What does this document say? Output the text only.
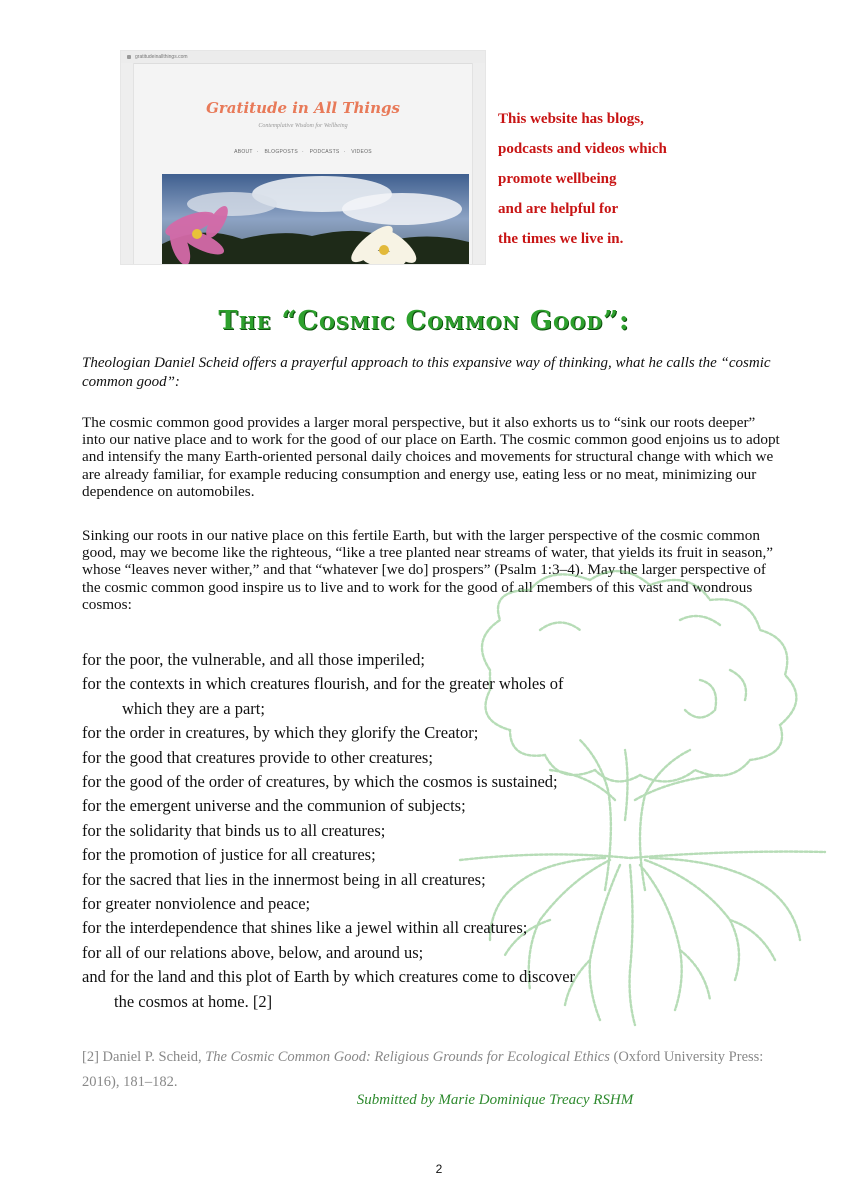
gratitudeinallthings.com
Gratitude in All Things
Contemplative Wisdom for Wellbeing
ABOUT · BLOGPOSTS · PODCASTS · VIDEOS
This website has blogs,
podcasts and videos which
promote wellbeing
and are helpful for
the times we live in.
The “Cosmic Common Good”:
Theologian Daniel Scheid offers a prayerful approach to this expansive way of thinking, what he calls the “cosmic common good”:
The cosmic common good provides a larger moral perspective, but it also exhorts us to “sink our roots deeper” into our native place and to work for the good of our place on Earth. The cosmic common good enjoins us to adopt and intensify the many Earth-oriented personal daily choices and movements for structural change with which we are already familiar, for example reducing consumption and energy use, eating less or no meat, minimizing our dependence on automobiles.
Sinking our roots in our native place on this fertile Earth, but with the larger perspective of the cosmic common good, may we become like the righteous, “like a tree planted near streams of water, that yields its fruit in season,” whose “leaves never wither,” and that “whatever [we do] prospers” (Psalm 1:3–4). May the larger perspective of the cosmic common good inspire us to live and to work for the good of all members of this vast and wondrous cosmos:
for the poor, the vulnerable, and all those imperiled;
for the contexts in which creatures flourish, and for the greater wholes of
which they are a part;
for the order in creatures, by which they glorify the Creator;
for the good that creatures provide to other creatures;
for the good of the order of creatures, by which the cosmos is sustained;
for the emergent universe and the communion of subjects;
for the solidarity that binds us to all creatures;
for the promotion of justice for all creatures;
for the sacred that lies in the innermost being in all creatures;
for greater nonviolence and peace;
for the interdependence that shines like a jewel within all creatures;
for all of our relations above, below, and around us;
and for the land and this plot of Earth by which creatures come to discover
the cosmos at home. [2]
[2] Daniel P. Scheid, The Cosmic Common Good: Religious Grounds for Ecological Ethics (Oxford University Press: 2016), 181–182.
Submitted by Marie Dominique Treacy RSHM
2
